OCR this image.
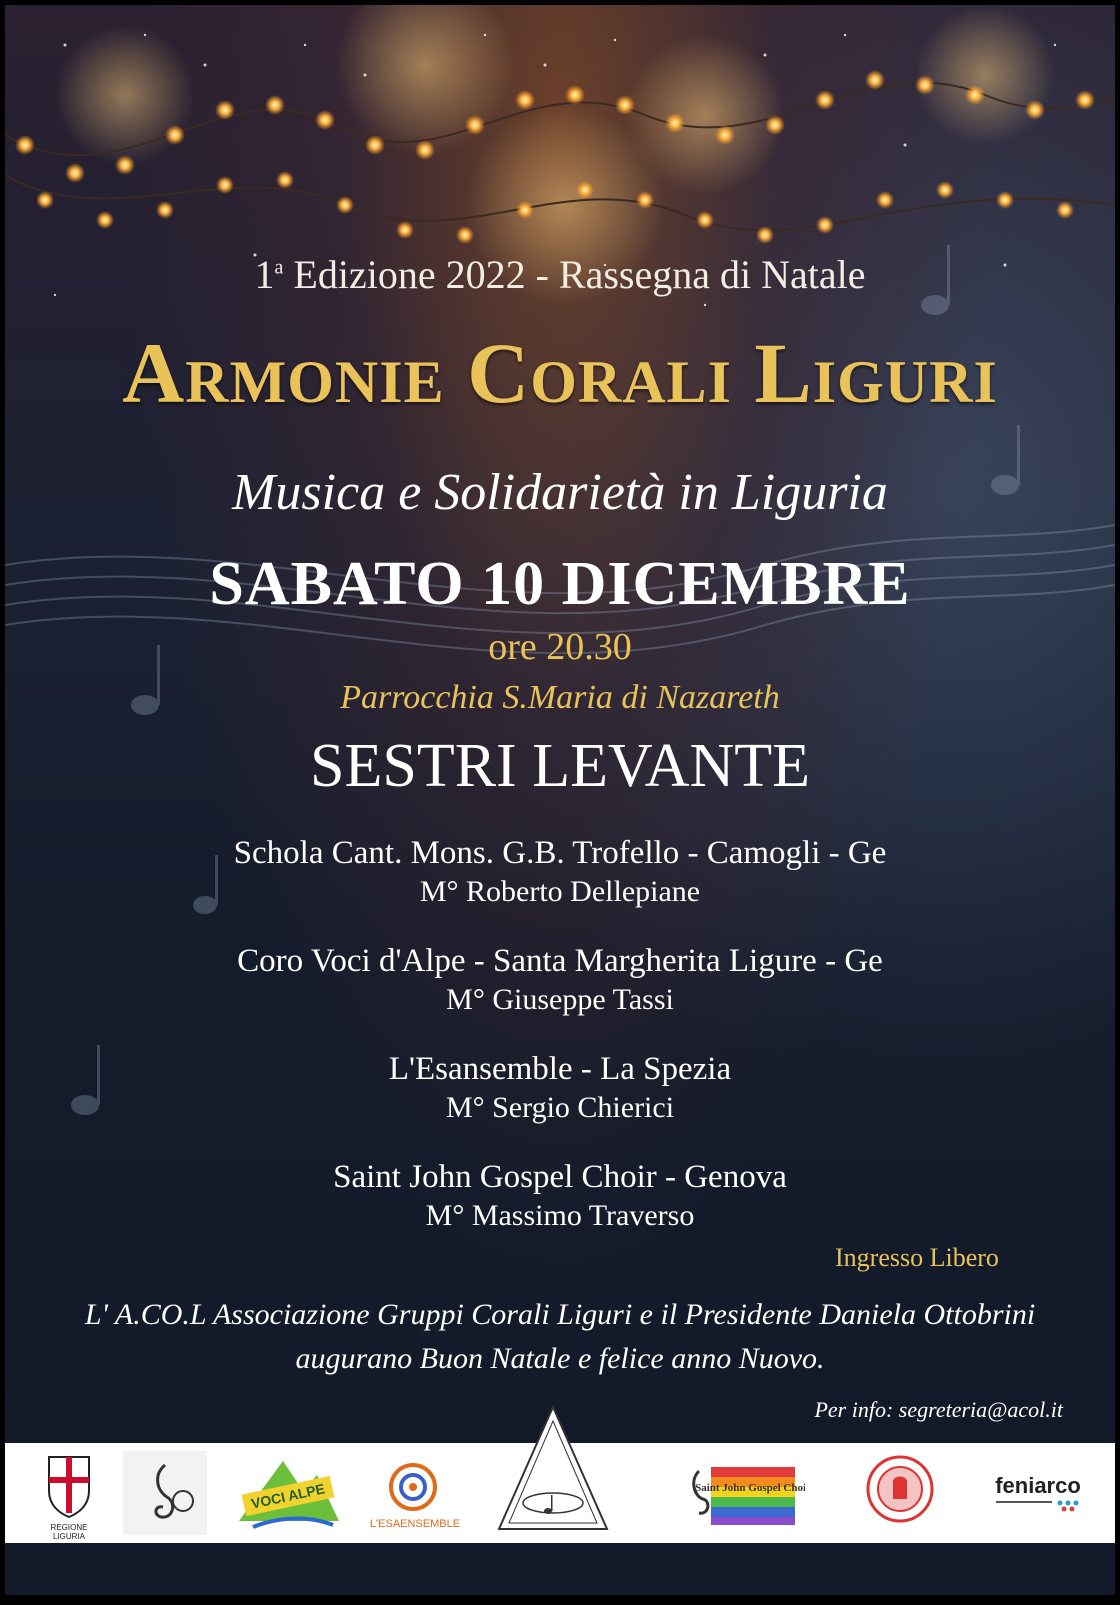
1$^a$ Edizione 2022 - Rassegna di Natale
Armonie Corali Liguri
Musica e Solidarietà in Liguria
SABATO 10 DICEMBRE
ore 20.30
Parrocchia S.Maria di Nazareth
SESTRI LEVANTE
Schola Cant. Mons. G.B. Trofello - Camogli - Ge
M° Roberto Dellepiane
Coro Voci d'Alpe - Santa Margherita Ligure - Ge
M° Giuseppe Tassi
L'Esansemble - La Spezia
M° Sergio Chierici
Saint John Gospel Choir - Genova
M° Massimo Traverso
Ingresso Libero
L' A.CO.L Associazione Gruppi Corali Liguri e il Presidente Daniela Ottobrini
augurano Buon Natale e felice anno Nuovo.
Per info: segreteria@acol.it
REGIONE LIGURIA
VOCI ALPE
L'ESAENSEMBLE
Saint John Gospel Choir	feniarco
